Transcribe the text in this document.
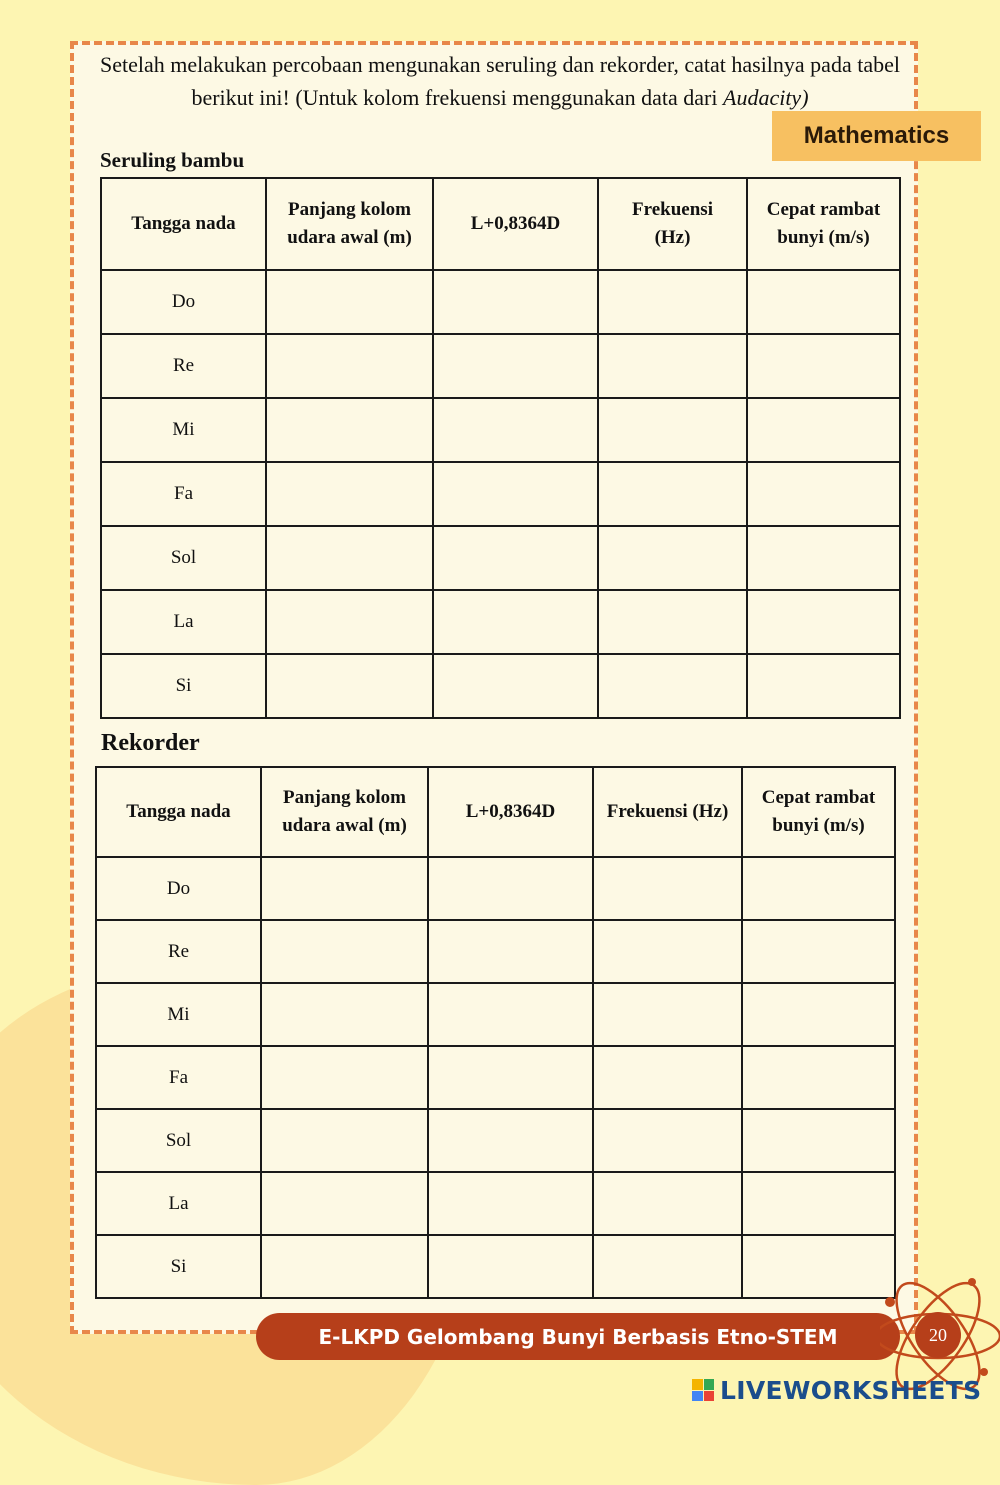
Setelah melakukan percobaan mengunakan seruling dan rekorder, catat hasilnya pada tabel berikut ini! (Untuk kolom frekuensi menggunakan data dari Audacity)
Mathematics
Seruling bambu
Tangga nada	Panjang kolom udara awal (m)	L+0,8364D	Frekuensi (Hz)	Cepat rambat bunyi (m/s)
Do				
Re				
Mi				
Fa				
Sol				
La				
Si				
Rekorder
Tangga nada	Panjang kolom udara awal (m)	L+0,8364D	Frekuensi (Hz)	Cepat rambat bunyi (m/s)
Do				
Re				
Mi				
Fa				
Sol				
La				
Si				
E-LKPD Gelombang Bunyi Berbasis Etno-STEM	20
LIVEWORKSHEETS
